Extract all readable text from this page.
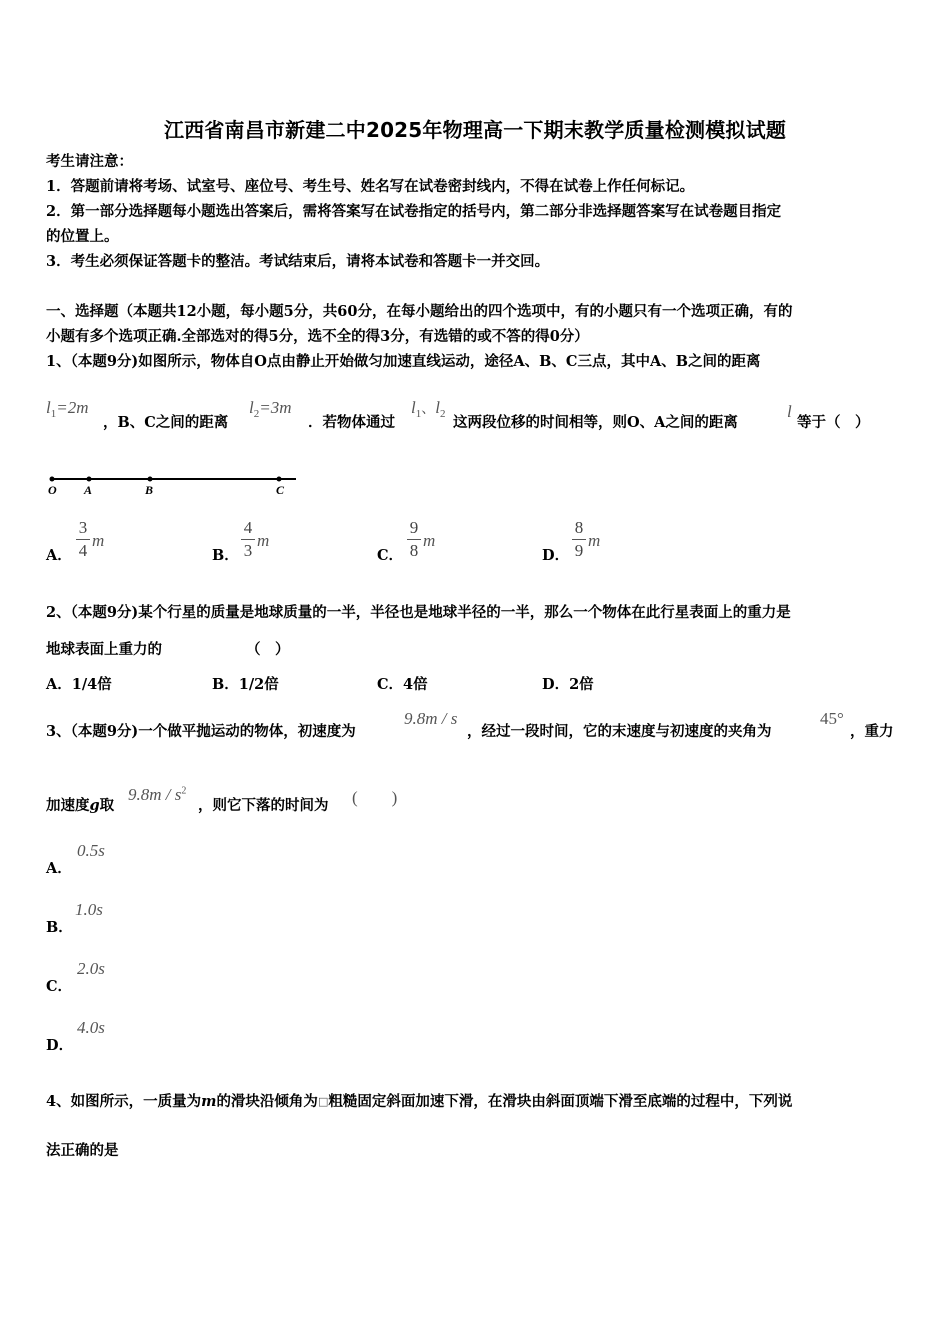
江西省南昌市新建二中2025年物理高一下期末教学质量检测模拟试题
考生请注意：
1．答题前请将考场、试室号、座位号、考生号、姓名写在试卷密封线内，不得在试卷上作任何标记。
2．第一部分选择题每小题选出答案后，需将答案写在试卷指定的括号内，第二部分非选择题答案写在试卷题目指定
的位置上。
3．考生必须保证答题卡的整洁。考试结束后，请将本试卷和答题卡一并交回。
一、选择题（本题共12小题，每小题5分，共60分，在每小题给出的四个选项中，有的小题只有一个选项正确，有的
小题有多个选项正确.全部选对的得5分，选不全的得3分，有选错的或不答的得0分）
1、（本题9分)如图所示，物体自O点由静止开始做匀加速直线运动，途径A、B、C三点，其中A、B之间的距离
$l_1=2m$
，B、C之间的距离
$l_2=3m$
．若物体通过
$l_1$、$l_2$ 这两段位移的时间相等，则O、A之间的距离
l
等于（　）
O A	B	C
A．
3
4
m
B．
4
3
m
C．
9
8
m
D．
8
9
m
2、（本题9分)某个行星的质量是地球质量的一半，半径也是地球半径的一半，那么一个物体在此行星表面上的重力是
地球表面上重力的	（　）
A．1/4倍	B．1/2倍	C．4倍	D．2倍
3、（本题9分)一个做平抛运动的物体，初速度为
9.8m / s
，经过一段时间，它的末速度与初速度的夹角为
45°
，重力
加速度g取
$9.8m / s^2$
，则它下落的时间为 (　　)
A．
0.5s
B．
1.0s
C．
2.0s
D．
4.0s
4、如图所示，一质量为m的滑块沿倾角为□粗糙固定斜面加速下滑，在滑块由斜面顶端下滑至底端的过程中，下列说
法正确的是
